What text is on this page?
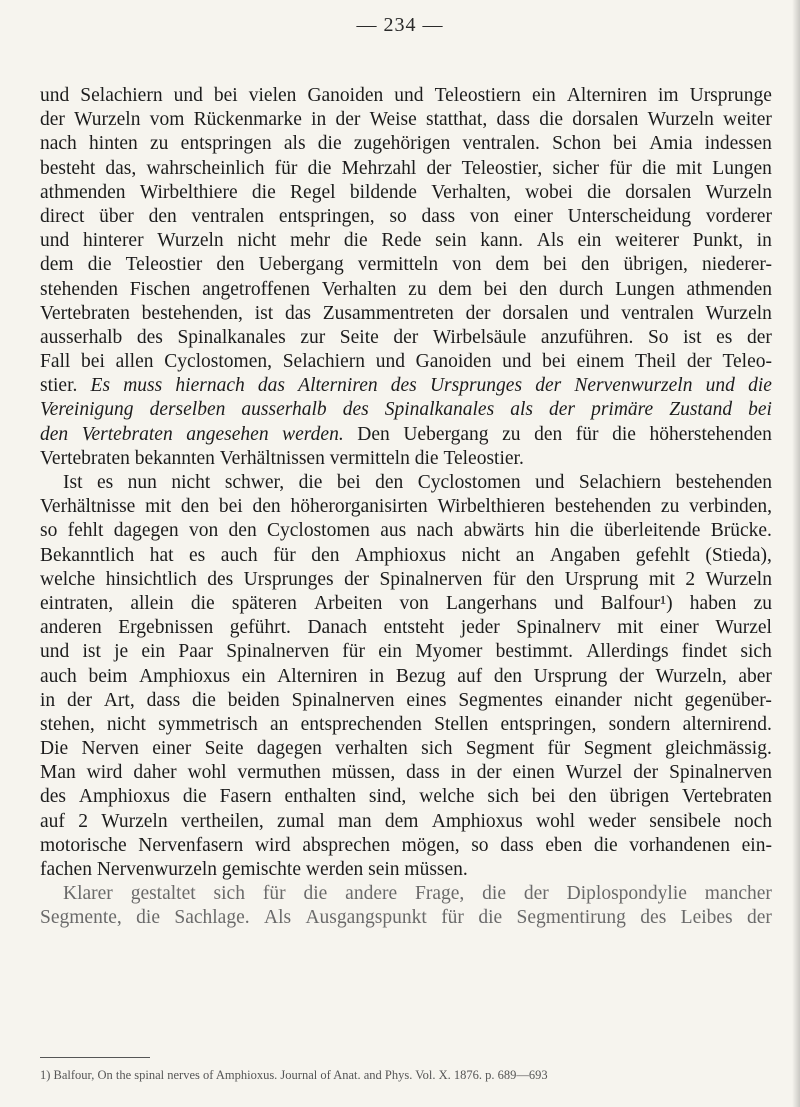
— 234 —
und Selachiern und bei vielen Ganoiden und Teleostiern ein Alterniren im Ursprunge
der Wurzeln vom Rückenmarke in der Weise statthat, dass die dorsalen Wurzeln weiter
nach hinten zu entspringen als die zugehörigen ventralen. Schon bei Amia indessen
besteht das, wahrscheinlich für die Mehrzahl der Teleostier, sicher für die mit Lungen
athmenden Wirbelthiere die Regel bildende Verhalten, wobei die dorsalen Wurzeln
direct über den ventralen entspringen, so dass von einer Unterscheidung vorderer
und hinterer Wurzeln nicht mehr die Rede sein kann. Als ein weiterer Punkt, in
dem die Teleostier den Uebergang vermitteln von dem bei den übrigen, niederer-
stehenden Fischen angetroffenen Verhalten zu dem bei den durch Lungen athmenden
Vertebraten bestehenden, ist das Zusammentreten der dorsalen und ventralen Wurzeln
ausserhalb des Spinalkanales zur Seite der Wirbelsäule anzuführen. So ist es der
Fall bei allen Cyclostomen, Selachiern und Ganoiden und bei einem Theil der Teleo-
stier. Es muss hiernach das Alterniren des Ursprunges der Nervenwurzeln und die
Vereinigung derselben ausserhalb des Spinalkanales als der primäre Zustand bei
den Vertebraten angesehen werden. Den Uebergang zu den für die höherstehenden
Vertebraten bekannten Verhältnissen vermitteln die Teleostier.
Ist es nun nicht schwer, die bei den Cyclostomen und Selachiern bestehenden
Verhältnisse mit den bei den höherorganisirten Wirbelthieren bestehenden zu verbinden,
so fehlt dagegen von den Cyclostomen aus nach abwärts hin die überleitende Brücke.
Bekanntlich hat es auch für den Amphioxus nicht an Angaben gefehlt (Stieda),
welche hinsichtlich des Ursprunges der Spinalnerven für den Ursprung mit 2 Wurzeln
eintraten, allein die späteren Arbeiten von Langerhans und Balfour¹) haben zu
anderen Ergebnissen geführt. Danach entsteht jeder Spinalnerv mit einer Wurzel
und ist je ein Paar Spinalnerven für ein Myomer bestimmt. Allerdings findet sich
auch beim Amphioxus ein Alterniren in Bezug auf den Ursprung der Wurzeln, aber
in der Art, dass die beiden Spinalnerven eines Segmentes einander nicht gegenüber-
stehen, nicht symmetrisch an entsprechenden Stellen entspringen, sondern alternirend.
Die Nerven einer Seite dagegen verhalten sich Segment für Segment gleichmässig.
Man wird daher wohl vermuthen müssen, dass in der einen Wurzel der Spinalnerven
des Amphioxus die Fasern enthalten sind, welche sich bei den übrigen Vertebraten
auf 2 Wurzeln vertheilen, zumal man dem Amphioxus wohl weder sensibele noch
motorische Nervenfasern wird absprechen mögen, so dass eben die vorhandenen ein-
fachen Nervenwurzeln gemischte werden sein müssen.
Klarer gestaltet sich für die andere Frage, die der Diplospondylie mancher
Segmente, die Sachlage. Als Ausgangspunkt für die Segmentirung des Leibes der
1) Balfour, On the spinal nerves of Amphioxus. Journal of Anat. and Phys. Vol. X. 1876. p. 689—693
